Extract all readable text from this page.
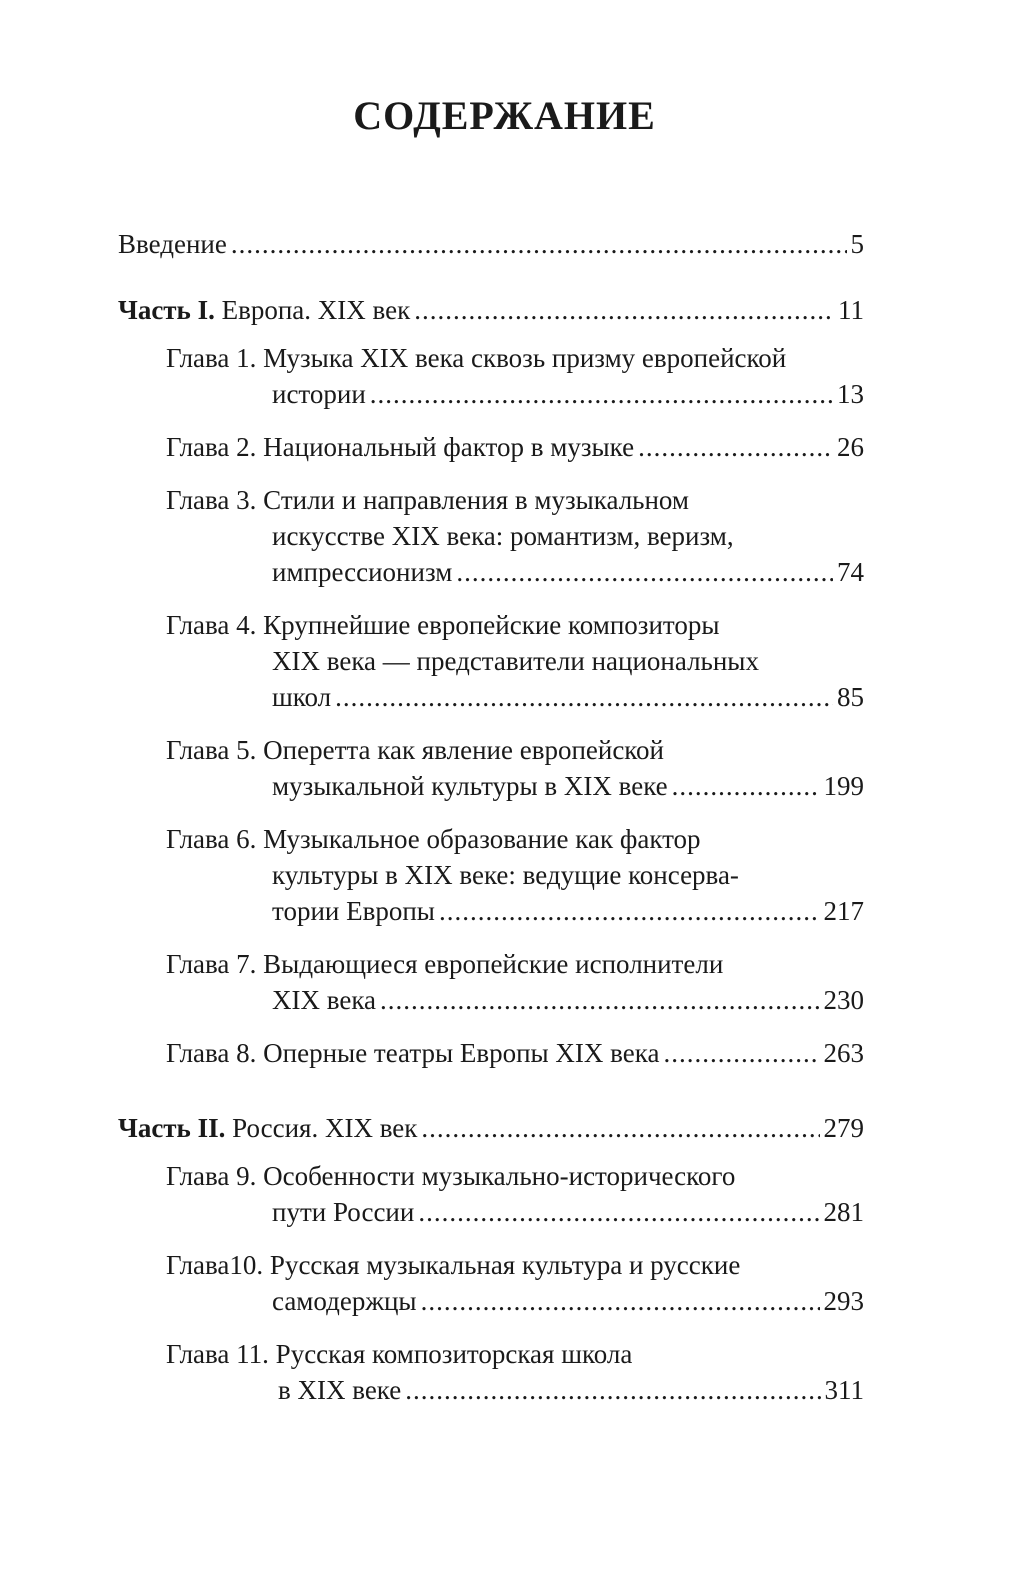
СОДЕРЖАНИЕ
Введение .....	5
Часть I. Европа. XIX век .....	11
Глава 1. Музыка XIX века сквозь призму европейской
истории .....	13
Глава 2. Национальный фактор в музыке .....	26
Глава 3. Стили и направления в музыкальном
искусстве XIX века: романтизм, веризм,
импрессионизм .....	74
Глава 4. Крупнейшие европейские композиторы
XIX века — представители национальных
школ .....	85
Глава 5. Оперетта как явление европейской
музыкальной культуры в XIX веке .....	199
Глава 6. Музыкальное образование как фактор
культуры в XIX веке: ведущие консерва-
тории Европы .....	217
Глава 7. Выдающиеся европейские исполнители
XIX века .....	230
Глава 8. Оперные театры Европы XIX века .....	263
Часть II. Россия. XIX век .....	279
Глава 9. Особенности музыкально-исторического
пути России .....	281
Глава10. Русская музыкальная культура и русские
самодержцы .....	293
Глава 11. Русская композиторская школа
в XIX веке .....	311
